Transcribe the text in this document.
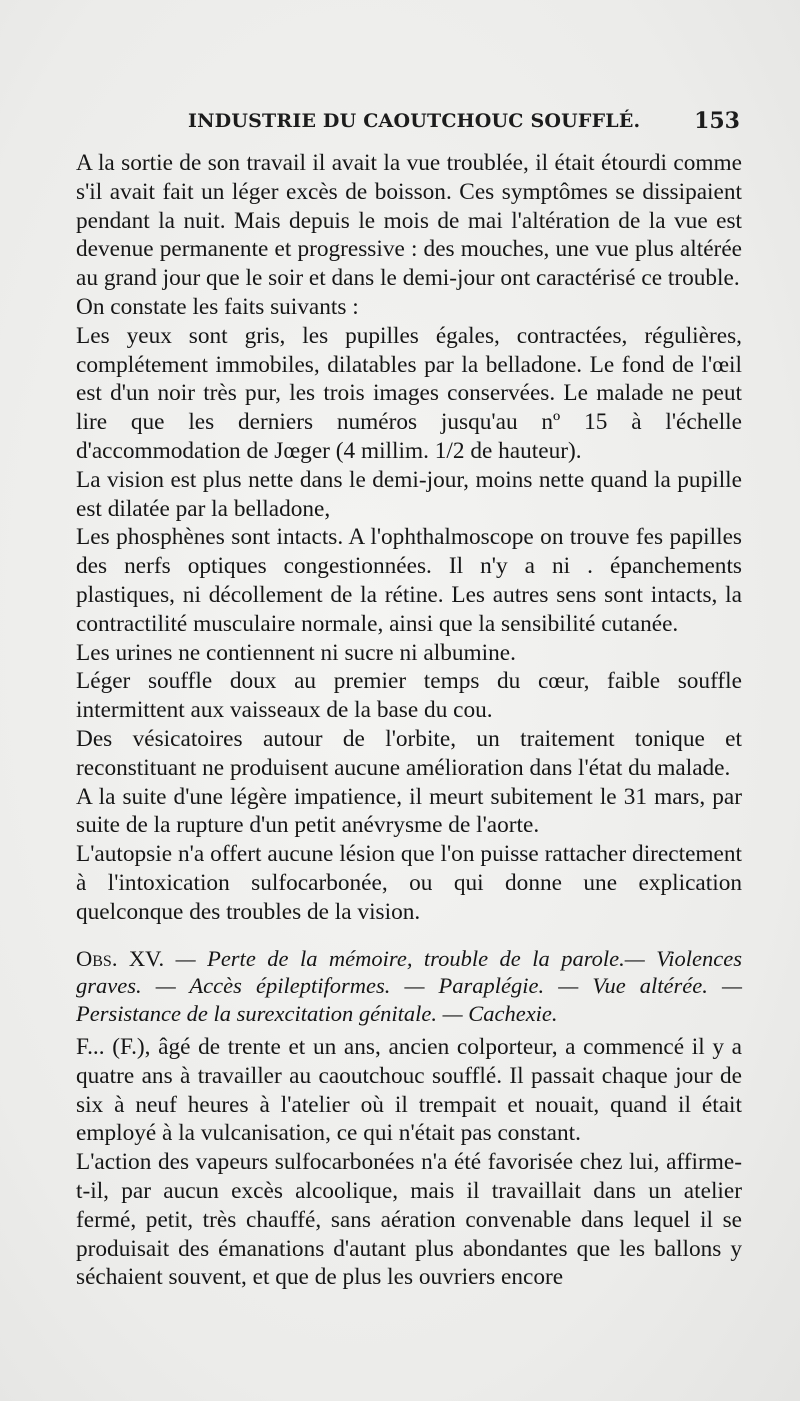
INDUSTRIE DU CAOUTCHOUC SOUFFLÉ. 153

A la sortie de son travail il avait la vue troublée, il était étourdi comme s'il avait fait un léger excès de boisson. Ces symptômes se dissipaient pendant la nuit. Mais depuis le mois de mai l'altération de la vue est devenue permanente et progressive : des mouches, une vue plus altérée au grand jour que le soir et dans le demi-jour ont caractérisé ce trouble.

On constate les faits suivants :

Les yeux sont gris, les pupilles égales, contractées, régulières, complétement immobiles, dilatables par la belladone. Le fond de l'œil est d'un noir très pur, les trois images conservées. Le malade ne peut lire que les derniers numéros jusqu'au nº 15 à l'échelle d'accommodation de Jœger (4 millim. 1/2 de hauteur).

La vision est plus nette dans le demi-jour, moins nette quand la pupille est dilatée par la belladone,

Les phosphènes sont intacts. A l'ophthalmoscope on trouve fes papilles des nerfs optiques congestionnées. Il n'y a ni . épanchements plastiques, ni décollement de la rétine. Les autres sens sont intacts, la contractilité musculaire normale, ainsi que la sensibilité cutanée.

Les urines ne contiennent ni sucre ni albumine.

Léger souffle doux au premier temps du cœur, faible souffle intermittent aux vaisseaux de la base du cou.

Des vésicatoires autour de l'orbite, un traitement tonique et reconstituant ne produisent aucune amélioration dans l'état du malade.

A la suite d'une légère impatience, il meurt subitement le 31 mars, par suite de la rupture d'un petit anévrysme de l'aorte.

L'autopsie n'a offert aucune lésion que l'on puisse rattacher directement à l'intoxication sulfocarbonée, ou qui donne une explication quelconque des troubles de la vision.

Obs. XV. — Perte de la mémoire, trouble de la parole.— Violences graves. — Accès épileptiformes. — Paraplégie. — Vue altérée. — Persistance de la surexcitation génitale. — Cachexie.

F... (F.), âgé de trente et un ans, ancien colporteur, a commencé il y a quatre ans à travailler au caoutchouc soufflé. Il passait chaque jour de six à neuf heures à l'atelier où il trempait et nouait, quand il était employé à la vulcanisation, ce qui n'était pas constant.

L'action des vapeurs sulfocarbonées n'a été favorisée chez lui, affirme-t-il, par aucun excès alcoolique, mais il travaillait dans un atelier fermé, petit, très chauffé, sans aération convenable dans lequel il se produisait des émanations d'autant plus abondantes que les ballons y séchaient souvent, et que de plus les ouvriers encore
